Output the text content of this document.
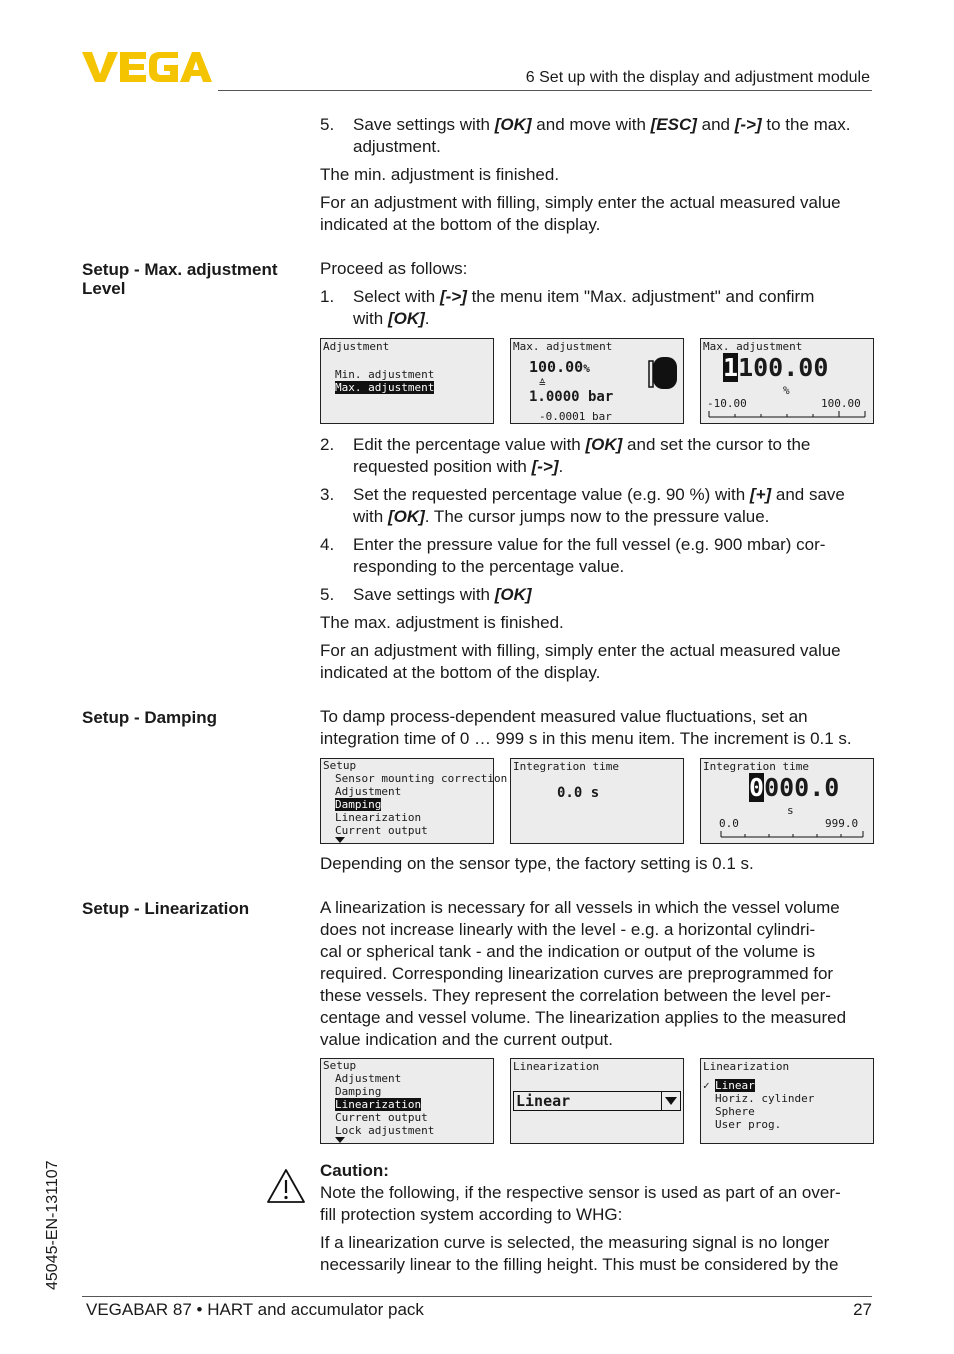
6 Set up with the display and adjustment module
5. Save settings with [OK] and move with [ESC] and [->] to the max.
adjustment.
The min. adjustment is finished.
For an adjustment with filling, simply enter the actual measured value
indicated at the bottom of the display.
Setup - Max. adjustment
Level
Proceed as follows:
1. Select with [->] the menu item "Max. adjustment" and confirm
with [OK].
Adjustment
Min. adjustment
Max. adjustment
Max. adjustment
100.00%
≙
1.0000 bar
-0.0001 bar
Max. adjustment
1100.00
%
-10.00	100.00
2. Edit the percentage value with [OK] and set the cursor to the
requested position with [->].
3. Set the requested percentage value (e.g. 90 %) with [+] and save
with [OK]. The cursor jumps now to the pressure value.
4. Enter the pressure value for the full vessel (e.g. 900 mbar) cor-
responding to the percentage value.
5. Save settings with [OK]
The max. adjustment is finished.
For an adjustment with filling, simply enter the actual measured value
indicated at the bottom of the display.
Setup - Damping	To damp process-dependent measured value fluctuations, set an
integration time of 0 … 999 s in this menu item. The increment is 0.1 s.
Setup
Sensor mounting correction
Adjustment
Damping
Linearization
Current output
Integration time
0.0 s
Integration time
0000.0
s
0.0	999.0
Depending on the sensor type, the factory setting is 0.1 s.
Setup - Linearization	A linearization is necessary for all vessels in which the vessel volume
does not increase linearly with the level - e.g. a horizontal cylindri-
cal or spherical tank - and the indication or output of the volume is
required. Corresponding linearization curves are preprogrammed for
these vessels. They represent the correlation between the level per-
centage and vessel volume. The linearization applies to the measured
value indication and the current output.
Setup
Adjustment
Damping
Linearization
Current output
Lock adjustment
Linearization
Linear
Linearization
✓ Linear
Horiz. cylinder
Sphere
User prog.
Caution:
Note the following, if the respective sensor is used as part of an over-
fill protection system according to WHG:
If a linearization curve is selected, the measuring signal is no longer
necessarily linear to the filling height. This must be considered by the
45045-EN-131107
VEGABAR 87 • HART and accumulator pack	27
